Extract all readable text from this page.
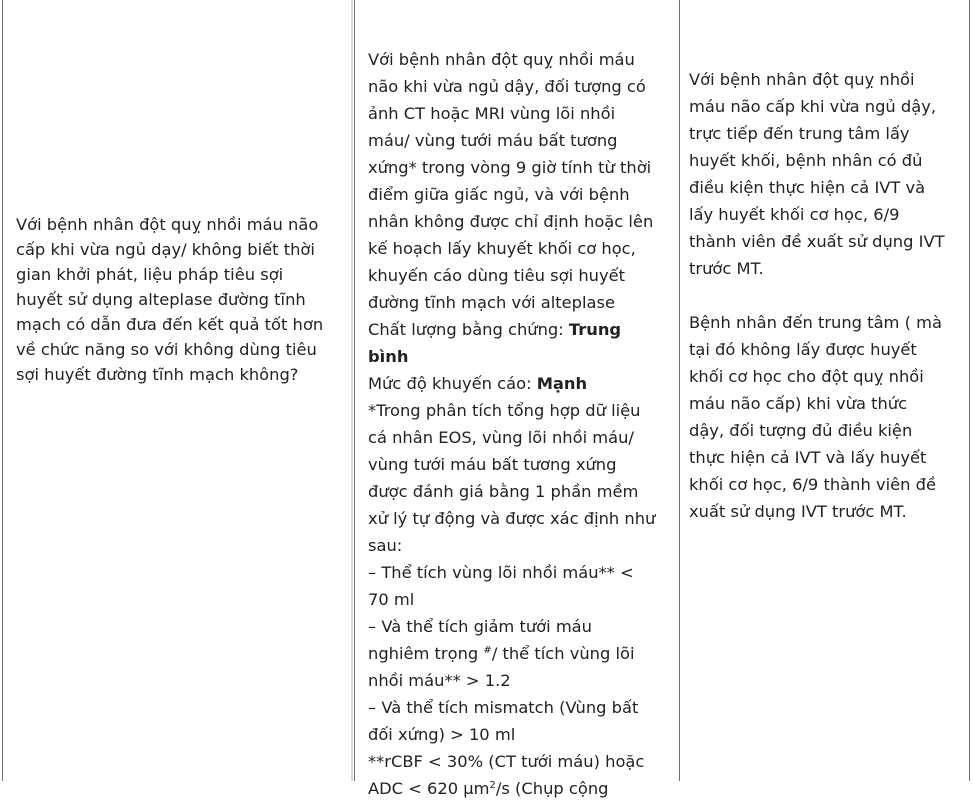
Với bệnh nhân đột quỵ nhồi máu não
cấp khi vừa ngủ dạy/ không biết thời
gian khởi phát, liệu pháp tiêu sợi
huyết sử dụng alteplase đường tĩnh
mạch có dẫn đưa đến kết quả tốt hơn
về chức năng so với không dùng tiêu
sợi huyết đường tĩnh mạch không?
Với bệnh nhân đột quỵ nhồi máu
não khi vừa ngủ dậy, đối tượng có
ảnh CT hoặc MRI vùng lõi nhồi
máu/ vùng tưới máu bất tương
xứng* trong vòng 9 giờ tính từ thời
điểm giữa giấc ngủ, và với bệnh
nhân không được chỉ định hoặc lên
kế hoạch lấy khuyết khối cơ học,
khuyến cáo dùng tiêu sợi huyết
đường tĩnh mạch với alteplase
Chất lượng bằng chứng: Trung
bình
Mức độ khuyến cáo: Mạnh
*Trong phân tích tổng hợp dữ liệu
cá nhân EOS, vùng lõi nhồi máu/
vùng tưới máu bất tương xứng
được đánh giá bằng 1 phần mềm
xử lý tự động và được xác định như
sau:
– Thể tích vùng lõi nhồi máu** <
70 ml
– Và thể tích giảm tưới máu
nghiêm trọng #/ thể tích vùng lõi
nhồi máu** > 1.2
– Và thể tích mismatch (Vùng bất
đối xứng) > 10 ml
**rCBF < 30% (CT tưới máu) hoặc
ADC < 620 $\mu m^2/s$ (Chụp cộng
Với bệnh nhân đột quỵ nhồi
máu não cấp khi vừa ngủ dậy,
trực tiếp đến trung tâm lấy
huyết khối, bệnh nhân có đủ
điều kiện thực hiện cả IVT và
lấy huyết khối cơ học, 6/9
thành viên đề xuất sử dụng IVT
trước MT.
Bệnh nhân đến trung tâm ( mà
tại đó không lấy được huyết
khối cơ học cho đột quỵ nhồi
máu não cấp) khi vừa thức
dậy, đối tượng đủ điều kiện
thực hiện cả IVT và lấy huyết
khối cơ học, 6/9 thành viên đề
xuất sử dụng IVT trước MT.
